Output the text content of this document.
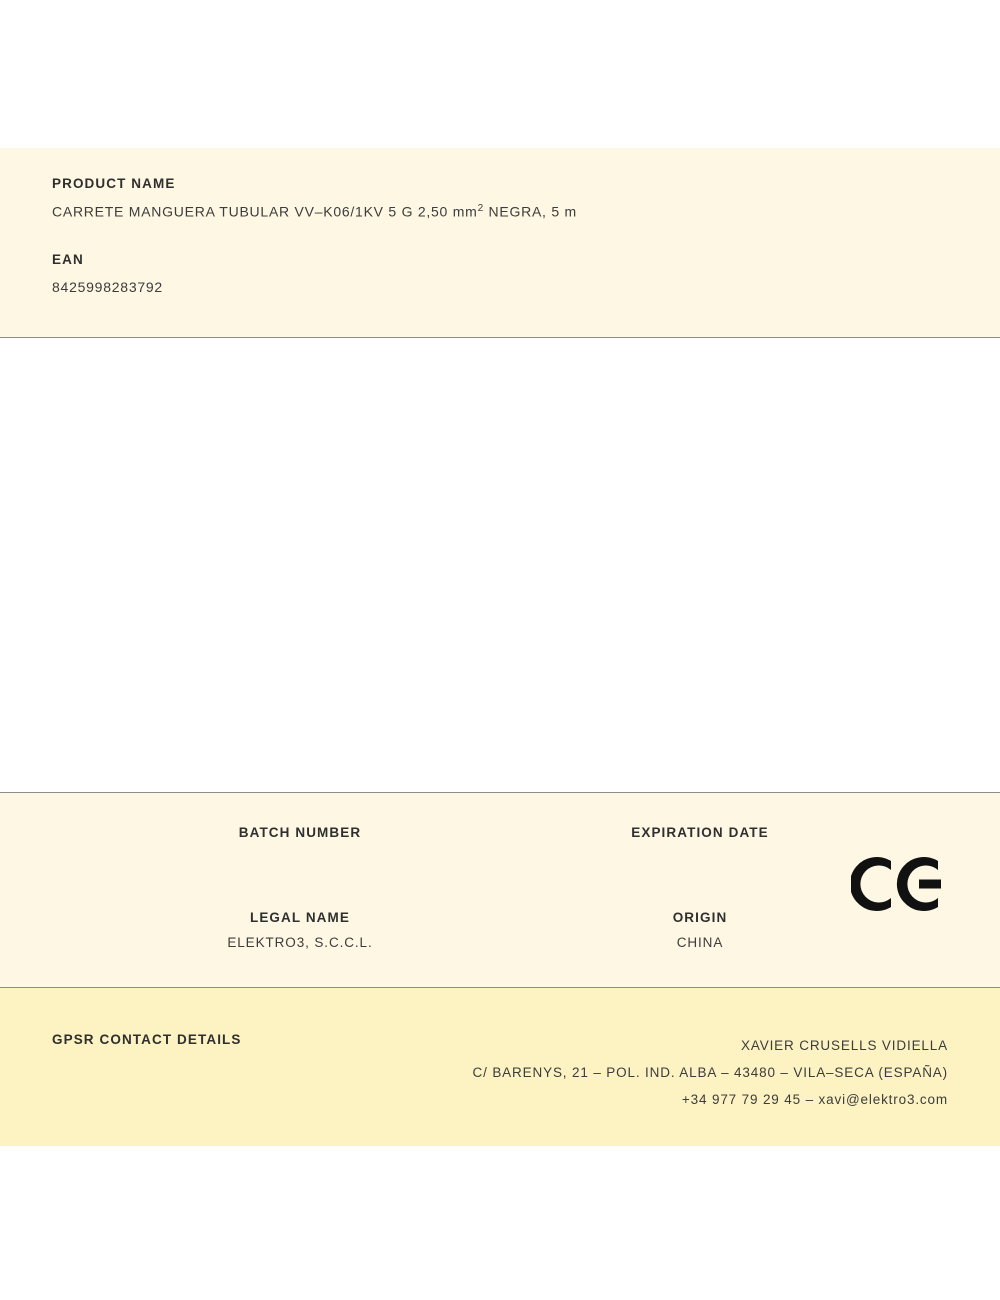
PRODUCT NAME
CARRETE MANGUERA TUBULAR VV–K06/1KV 5 G 2,50 $mm^2$ NEGRA, 5 m
EAN
8425998283792
BATCH NUMBER	EXPIRATION DATE
LEGAL NAME	ORIGIN
ELEKTRO3, S.C.C.L.	CHINA
GPSR CONTACT DETAILS	XAVIER CRUSELLS VIDIELLA
C/ BARENYS, 21 – POL. IND. ALBA – 43480 – VILA–SECA (ESPAÑA)
+34 977 79 29 45 – xavi@elektro3.com
